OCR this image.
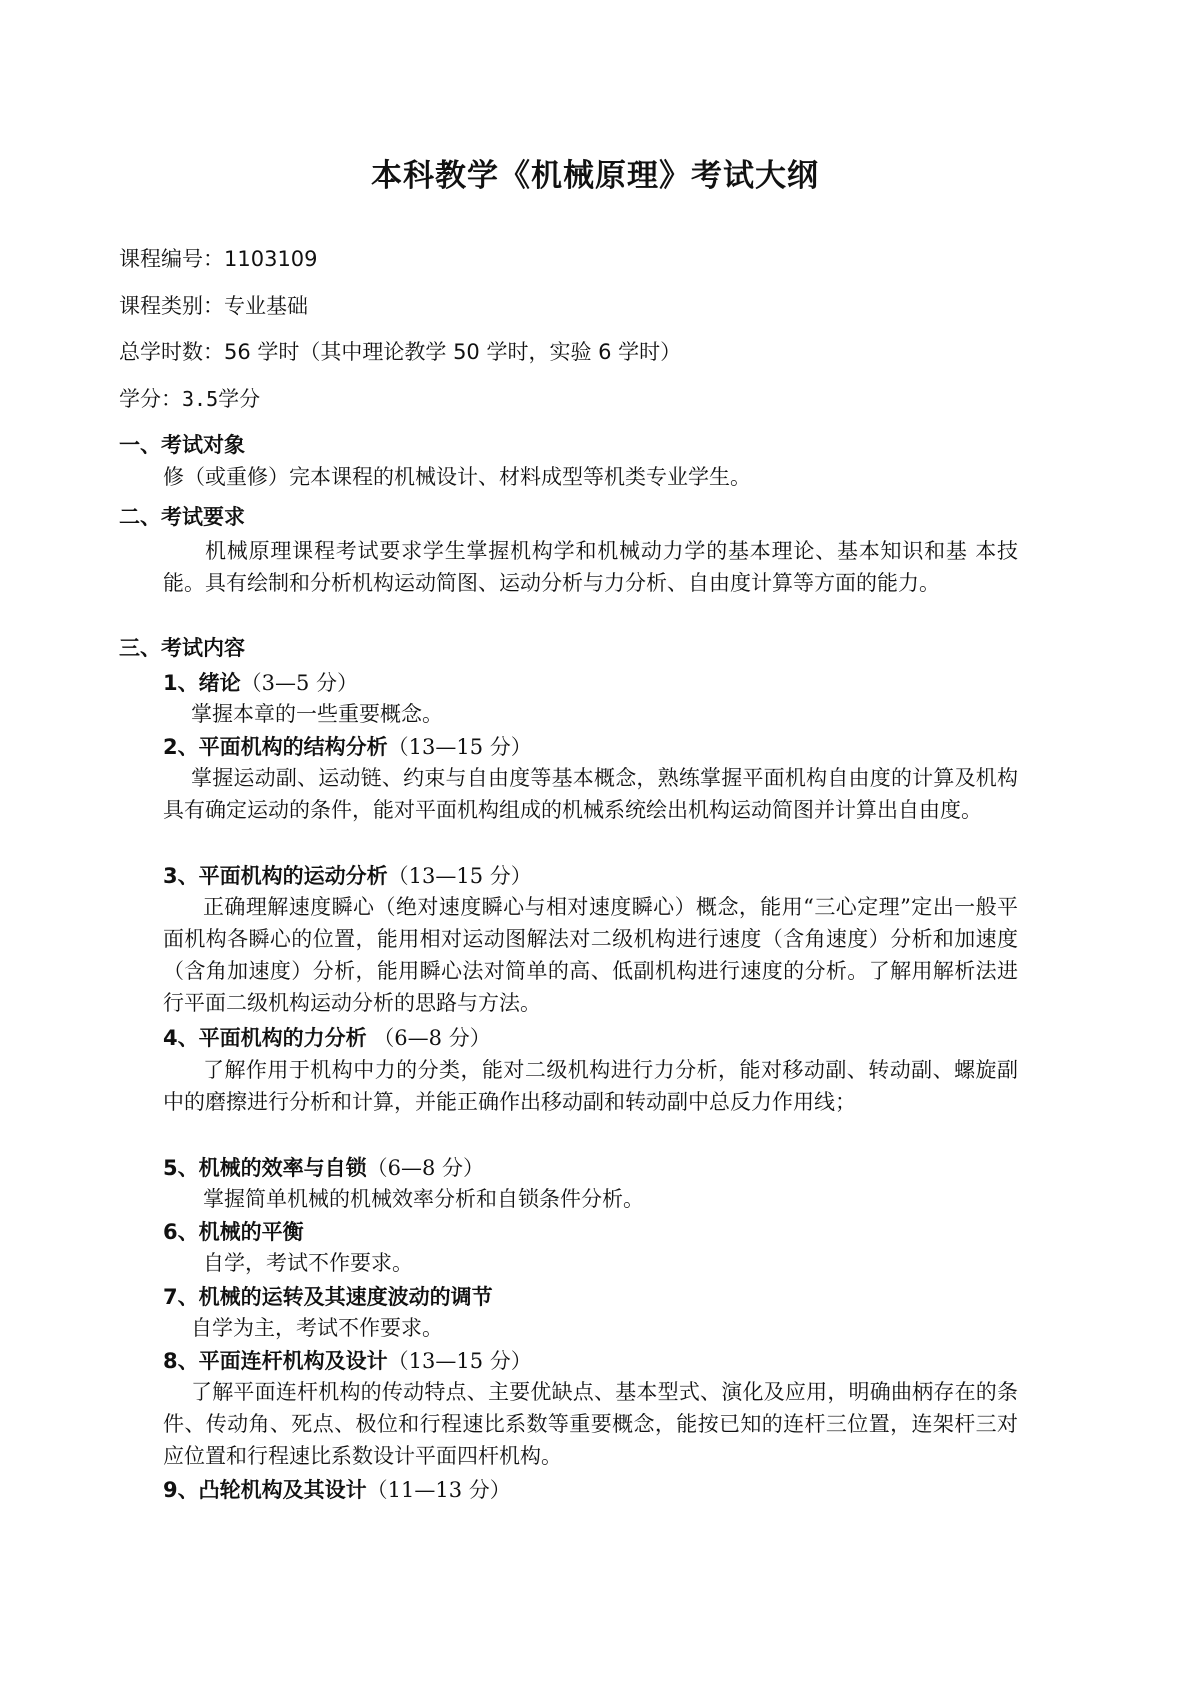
本科教学《机械原理》考试大纲
课程编号：1103109
课程类别：专业基础
总学时数：56 学时（其中理论教学 50 学时，实验 6 学时）
学分：3.5学分
一、考试对象
修（或重修）完本课程的机械设计、材料成型等机类专业学生。
二、考试要求
机械原理课程考试要求学生掌握机构学和机械动力学的基本理论、基本知识和基 本技能。具有绘制和分析机构运动简图、运动分析与力分析、自由度计算等方面的能力。
三、考试内容
1、绪论（3—5 分）
掌握本章的一些重要概念。
2、平面机构的结构分析（13—15 分）
掌握运动副、运动链、约束与自由度等基本概念，熟练掌握平面机构自由度的计算及机构具有确定运动的条件，能对平面机构组成的机械系统绘出机构运动简图并计算出自由度。
3、平面机构的运动分析（13—15 分）
正确理解速度瞬心（绝对速度瞬心与相对速度瞬心）概念，能用“三心定理”定出一般平面机构各瞬心的位置，能用相对运动图解法对二级机构进行速度（含角速度）分析和加速度（含角加速度）分析，能用瞬心法对简单的高、低副机构进行速度的分析。了解用解析法进行平面二级机构运动分析的思路与方法。
4、平面机构的力分析 （6—8 分）
了解作用于机构中力的分类，能对二级机构进行力分析，能对移动副、转动副、螺旋副中的磨擦进行分析和计算，并能正确作出移动副和转动副中总反力作用线；
5、机械的效率与自锁（6—8 分）
掌握简单机械的机械效率分析和自锁条件分析。
6、机械的平衡
自学，考试不作要求。
7、机械的运转及其速度波动的调节
自学为主，考试不作要求。
8、平面连杆机构及设计（13—15 分）
了解平面连杆机构的传动特点、主要优缺点、基本型式、演化及应用，明确曲柄存在的条件、传动角、死点、极位和行程速比系数等重要概念，能按已知的连杆三位置，连架杆三对应位置和行程速比系数设计平面四杆机构。
9、凸轮机构及其设计（11—13 分）
